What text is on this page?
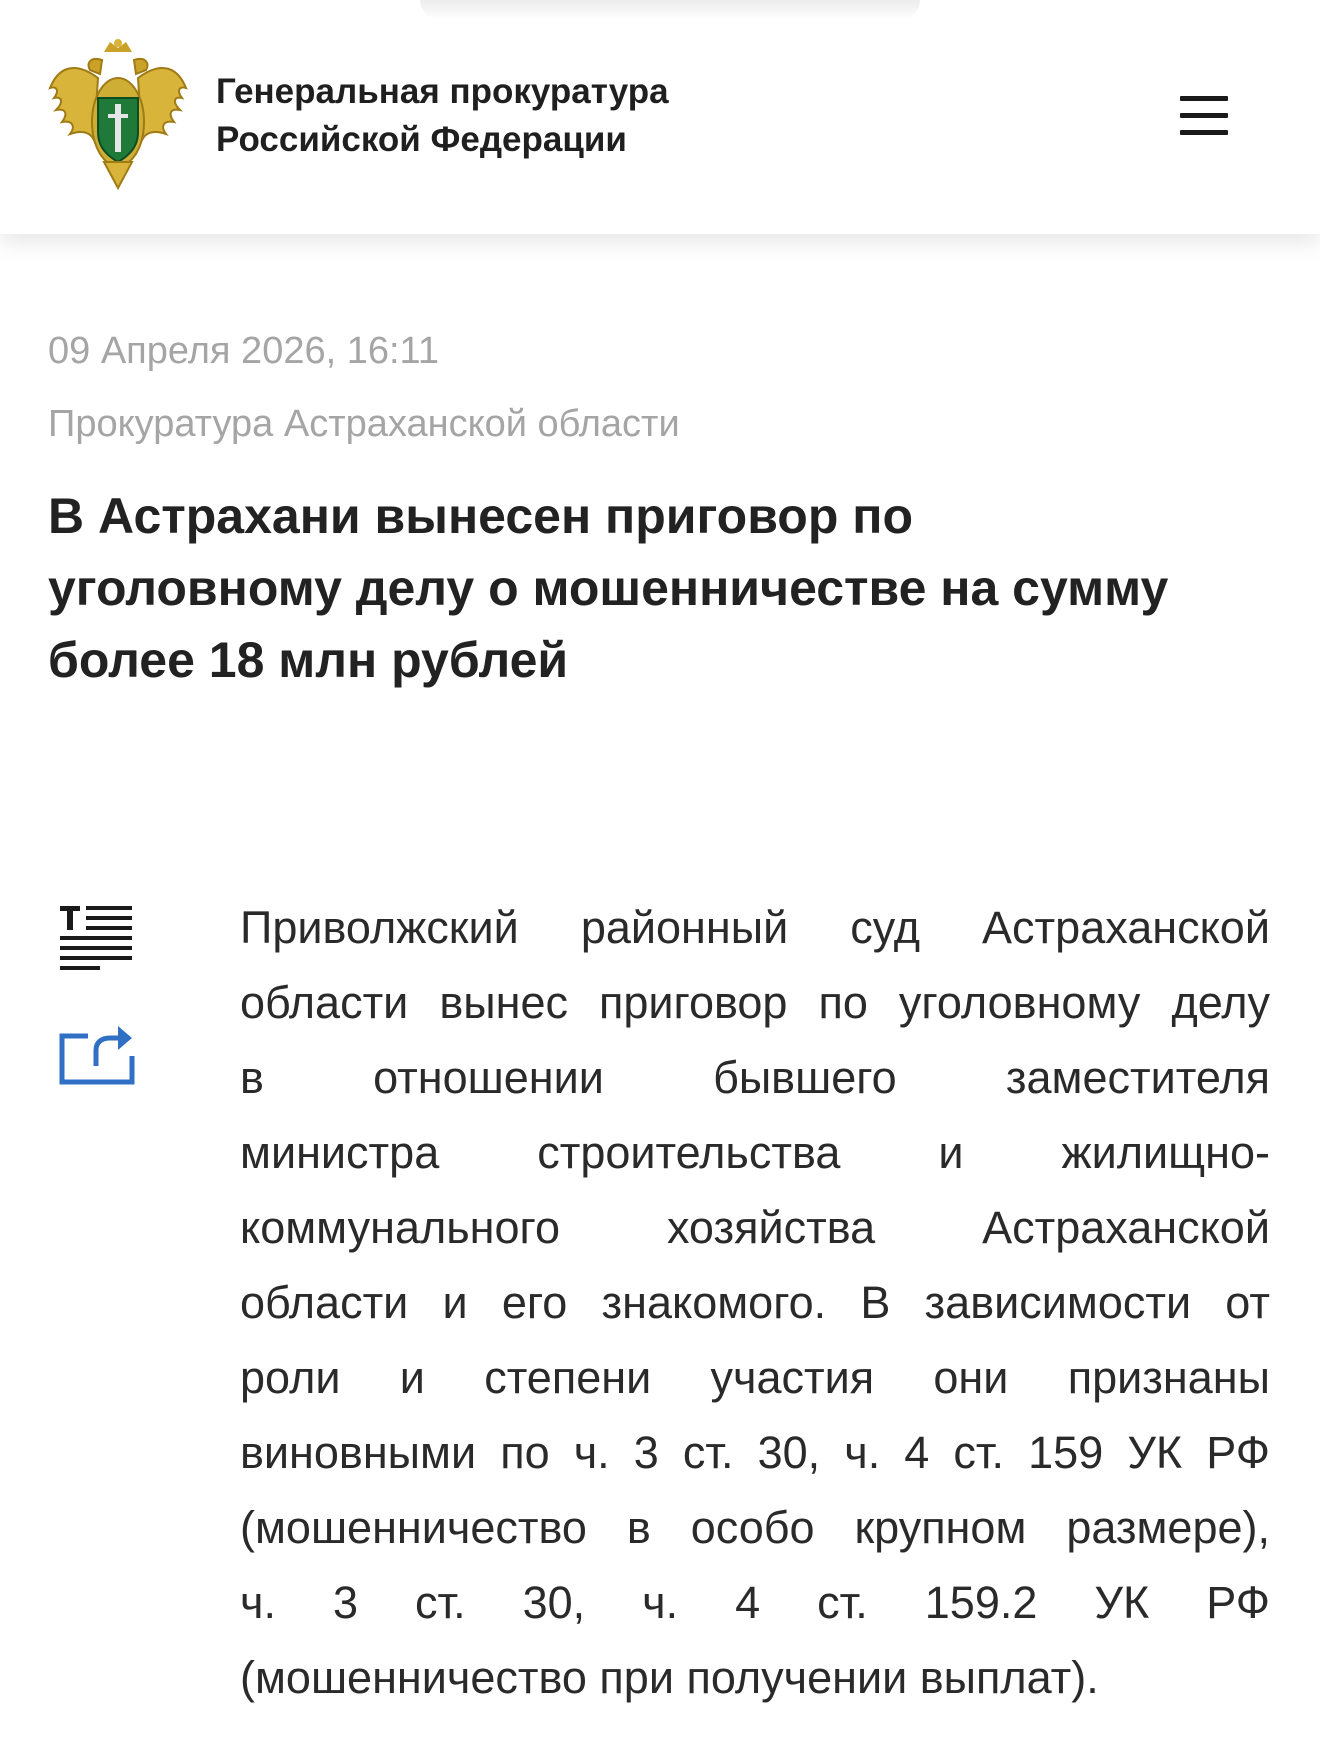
Генеральная прокуратура
Российской Федерации
09 Апреля 2026, 16:11
Прокуратура Астраханской области
В Астрахани вынесен приговор по
уголовному делу о мошенничестве на сумму
более 18 млн рублей
Приволжский районный суд Астраханской
области вынес приговор по уголовному делу
в отношении бывшего заместителя
министра строительства и жилищно-
коммунального хозяйства Астраханской
области и его знакомого. В зависимости от
роли и степени участия они признаны
виновными по ч. 3 ст. 30, ч. 4 ст. 159 УК РФ
(мошенничество в особо крупном размере),
ч. 3 ст. 30, ч. 4 ст. 159.2 УК РФ
(мошенничество при получении выплат).
